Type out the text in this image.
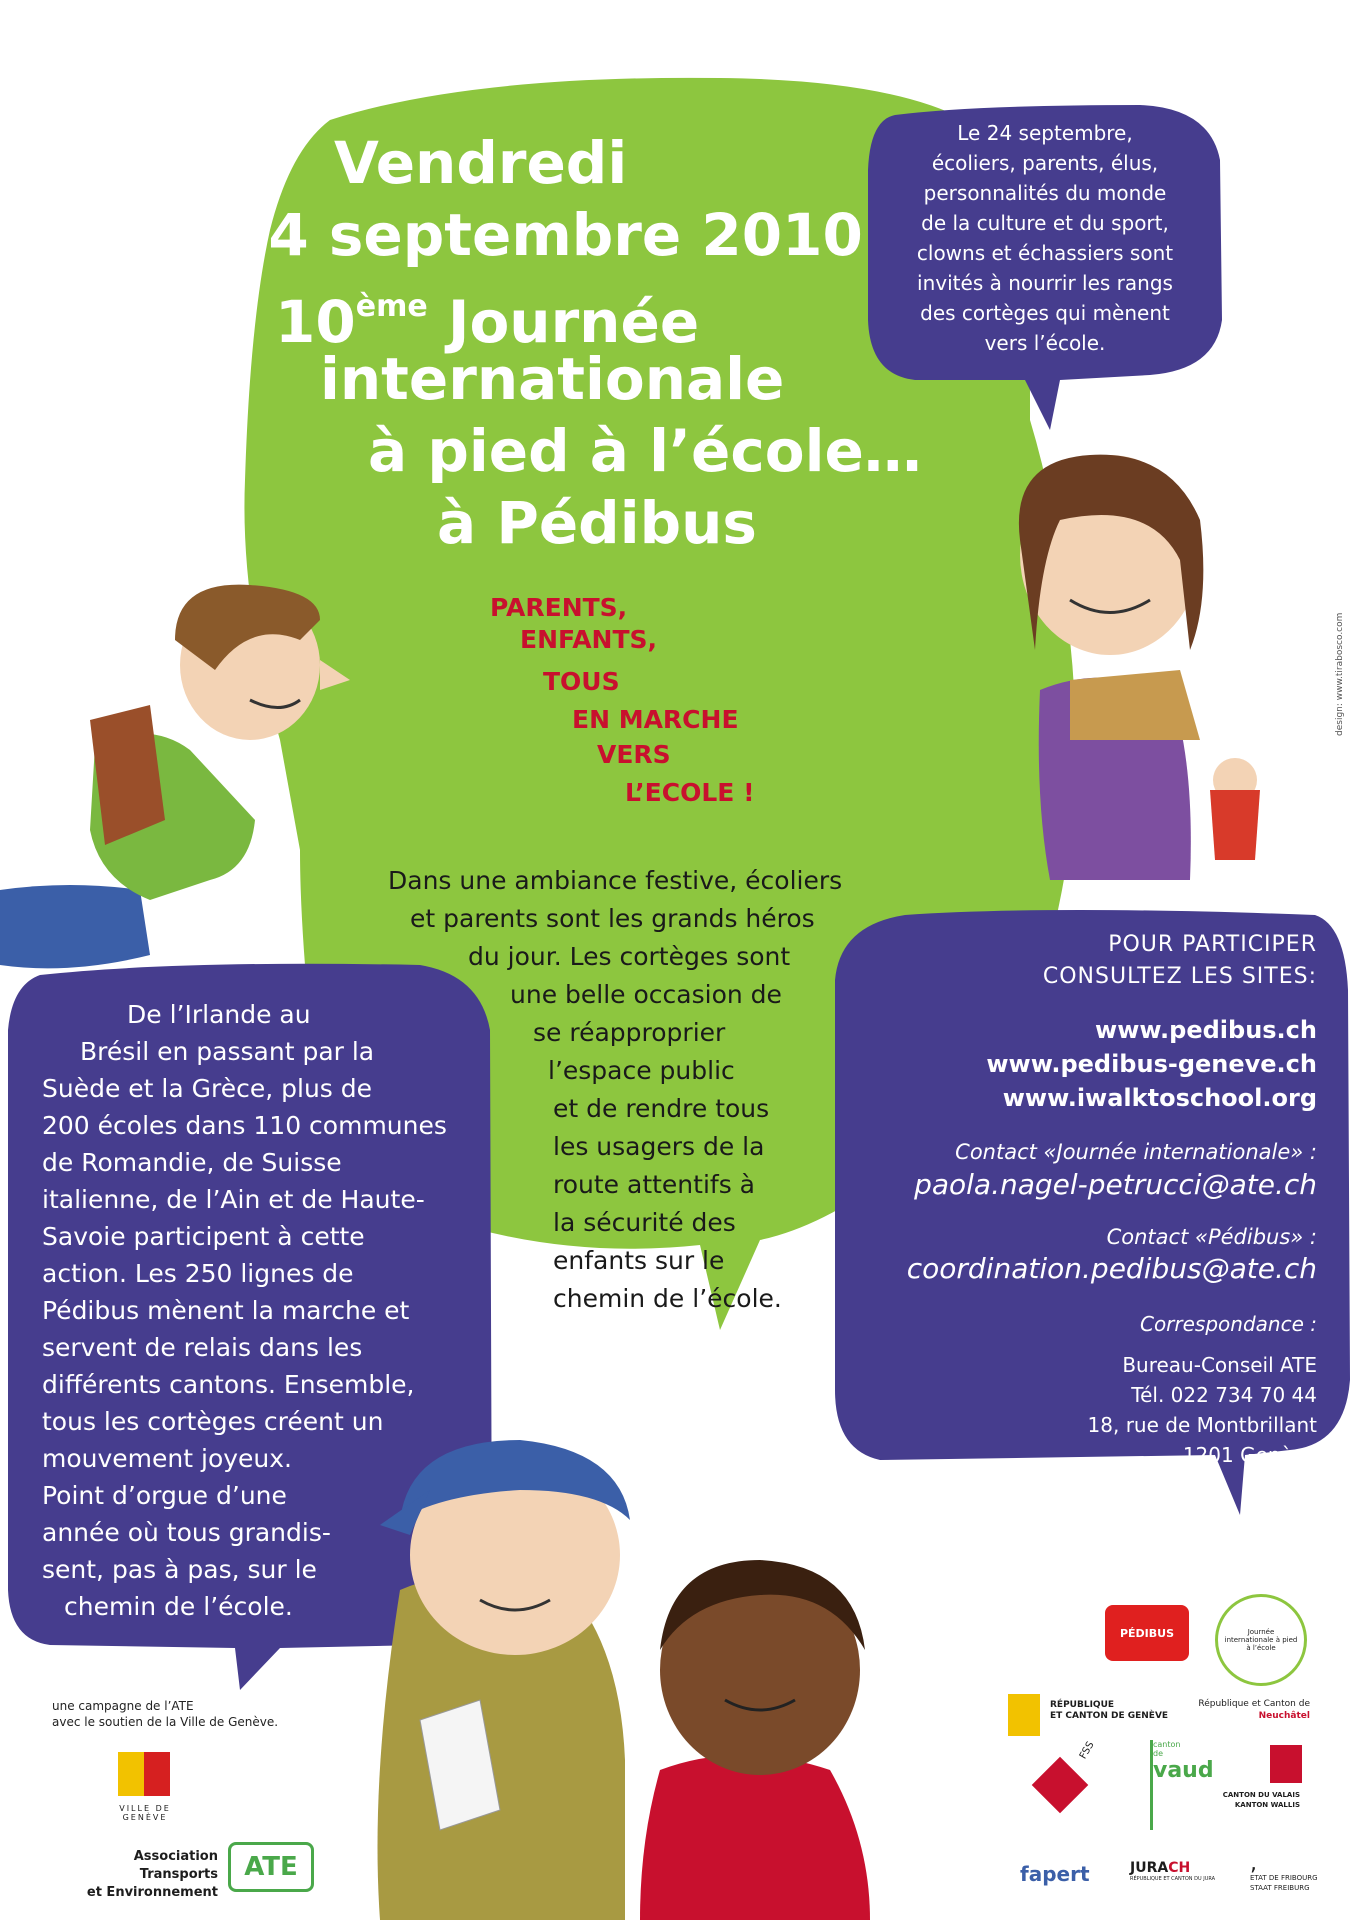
Vendredi
24 septembre 2010
10ème Journée
internationale
à pied à l’école…
à Pédibus
PARENTS,
ENFANTS,
TOUS
EN MARCHE
VERS
L’ECOLE !
Le 24 septembre,
écoliers, parents, élus,
personnalités du monde
de la culture et du sport,
clowns et échassiers sont
invités à nourrir les rangs
des cortèges qui mènent
vers l’école.
Dans une ambiance festive, écoliers
et parents sont les grands héros
du jour. Les cortèges sont
une belle occasion de
se réapproprier
l’espace public
et de rendre tous
les usagers de la
route attentifs à
la sécurité des
enfants sur le
chemin de l’école.
De l’Irlande au
Brésil en passant par la
Suède et la Grèce, plus de
200 écoles dans 110 communes
de Romandie, de Suisse
italienne, de l’Ain et de Haute-
Savoie participent à cette
action. Les 250 lignes de
Pédibus mènent la marche et
servent de relais dans les
différents cantons. Ensemble,
tous les cortèges créent un
mouvement joyeux.
Point d’orgue d’une
année où tous grandis-
sent, pas à pas, sur le
chemin de l’école.
POUR PARTICIPER
CONSULTEZ LES SITES:
www.pedibus.ch
www.pedibus-geneve.ch
www.iwalktoschool.org
Contact «Journée internationale» :
paola.nagel-petrucci@ate.ch
Contact «Pédibus» :
coordination.pedibus@ate.ch
Correspondance :
Bureau-Conseil ATE
Tél. 022 734 70 44
18, rue de Montbrillant
1201 Genève
une campagne de l’ATE
avec le soutien de la Ville de Genève.
VILLE DE GENÈVE
Association Transports
et Environnement
ATE
PÉDIBUS	Journée internationale à pied à l’école
RÉPUBLIQUE
ET CANTON DE GENÈVE
République et Canton de
Neuchâtel
FSS	canton de
vaud
CANTON DU VALAIS
KANTON WALLIS
fapert	JURACH
RÉPUBLIQUE ET CANTON DU JURA
,
ETAT DE FRIBOURG
STAAT FREIBURG
design: www.tirabosco.com
